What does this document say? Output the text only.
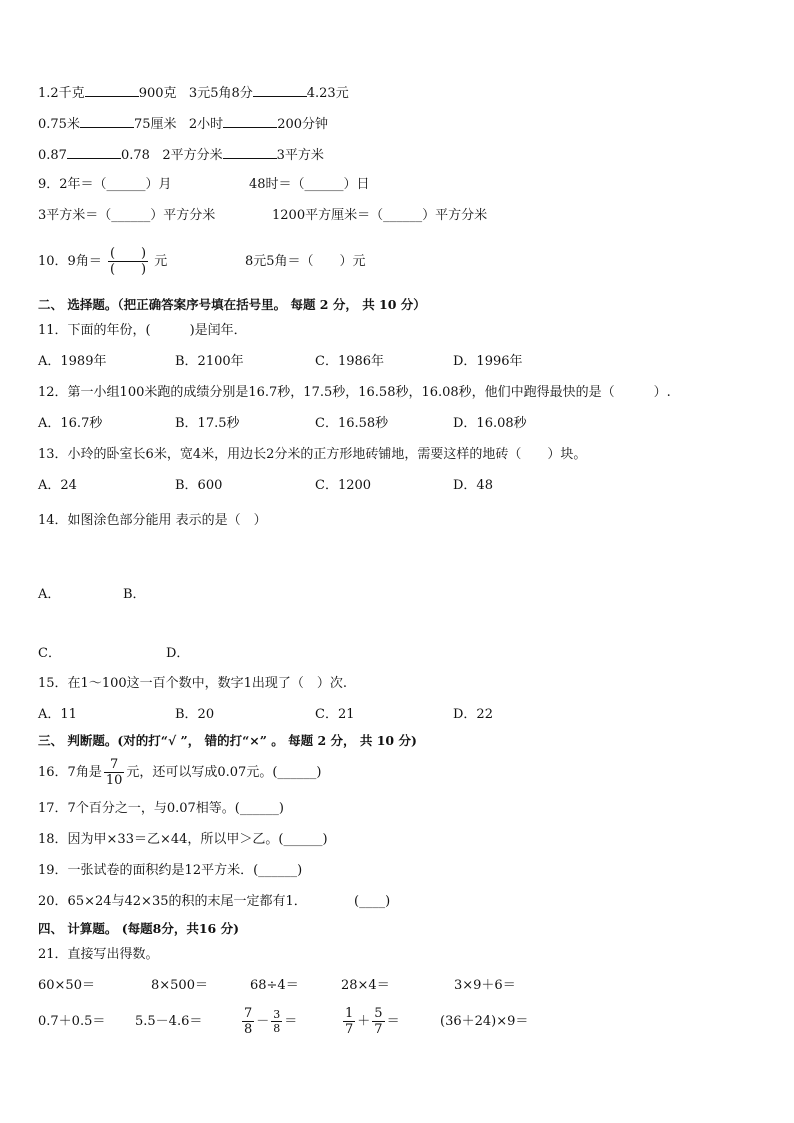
1.2千克	900克 3元5角8分	4.23元
0.75米	75厘米 2小时	200分钟
0.87	0.78 2平方分米	3平方米
9．2年＝（______）月	48时＝（______）日
3平方米＝（______）平方分米	1200平方厘米＝（______）平方分米
10．9角＝ $\frac{( )}{( )}$ 元	8元5角＝（　　）元
二、 选择题。（把正确答案序号填在括号里。 每题 2 分， 共 10 分）
11．下面的年份，(　　　)是闰年．
A．1989年	B．2100年	C．1986年	D．1996年
12．第一小组100米跑的成绩分别是16.7秒，17.5秒，16.58秒，16.08秒，他们中跑得最快的是（　　　）.
A．16.7秒	B．17.5秒	C．16.58秒	D．16.08秒
13．小玲的卧室长6米，宽4米，用边长2分米的正方形地砖铺地，需要这样的地砖（　　）块。
A．24	B．600	C．1200	D．48
14．如图涂色部分能用 表示的是（　）
A．	B．
C．	D．
15．在1～100这一百个数中，数字1出现了（　）次.
A．11	B．20	C．21	D．22
三、 判断题。(对的打“√ ”， 错的打“×” 。 每题 2 分， 共 10 分)
16．7角是 $\frac{7}{10}$ 元，还可以写成0.07元。(______)
17．7个百分之一，与0.07相等。(______)
18．因为甲×33＝乙×44，所以甲＞乙。(______)
19．一张试卷的面积约是12平方米．(______)
20．65×24与42×35的积的末尾一定都有1．	(____)
四、 计算题。 (每题8分，共16 分)
21．直接写出得数。
60×50＝	8×500＝	68÷4＝	28×4＝	3×9＋6＝
0.7＋0.5＝ 5.5－4.6＝	$\frac{7}{8} - \frac{3}{8}$ ＝	$\frac{1}{7} + \frac{5}{7}$ ＝	(36＋24)×9＝
